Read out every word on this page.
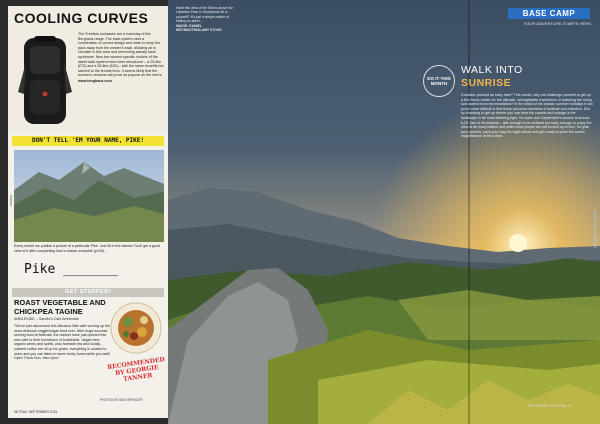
COOLING CURVES
The Freeflow rucksacks are a mainstay of the Berghaus range. The back system uses a combination of curved design and mesh to keep the pack away from the wearer's back, allowing air to circulate in this area and preventing sweaty back syndrome. New two women specific models of the latest back system have been introduced – a 20-litre (£70) and a 35-litre (£90) – with the same benefits but tailored to the female form. It seems likely that the women's versions will prove as popular as the men's.
www.berghaus.com
DON'T TELL 'EM YOUR NAME, PIKE!
EMMER
Every month we publish a picture of a particular Pike. Just fill in the blanks! You'll get a good view of it after completing Jack's classic scramble (p100)...
Pike _______
GET STUFFED!
ROAST VEGETABLE AND CHICKPEA TAGINE
AMBLESIDE – Gandhi's Café Ambleside
"We've just discovered this fabulous little café serving up the most delicious veggie/vegan food ever. After huge success serving food at festivals, the owners have just opened this new café in their hometown of Ambleside. Vegan beer, organic wines and spirits, plus fairtrade tea and locally-roasted coffee are all up for grabs, everything is cooked to order and you can listen to some funky tunes while you wait! Open Thurs-Sun, 9am-4pm."	RECOMMENDED BY GEORGIE TANNER
PHOTOS BY MAX SPENCER
96 TRAIL SEPTEMBER 2015
Want this view of the Sierra above the Llanberis Pass in Snowdonia all to yourself? It's just a simple matter of setting an alarm...
IMAGE: DANIEL WEYMOUTH/ALAMY STOCK
BASE CAMP
YOUR ADVENTURE STARTS HERE...
DO IT THIS MONTH
WALK INTO
SUNRISE
Consider yourself an early riser? This month, why not challenge yourself to get up a few hours earlier for the ultimate, unforgettable experience of watching the rising sun ascend from the mountains? In the midst of the chaotic summer holidays it can prove more difficult to find those precious moments of solitude and reflection. But by choosing to get up before you can beat the crowds and indulge in the landscape in its most flattering light. It's warm and September's sunrise is around 6.30-7am in Snowdonia – late enough to be civilised but early enough to enjoy the view at its most pristine and while most people are still tucked up in bed. So grab your camera, pack your bag the night before and get ready to greet the scenic magnificence at first strive...
BASE CAMP SEASON
SEPTEMBER 2015 TRAIL 97
